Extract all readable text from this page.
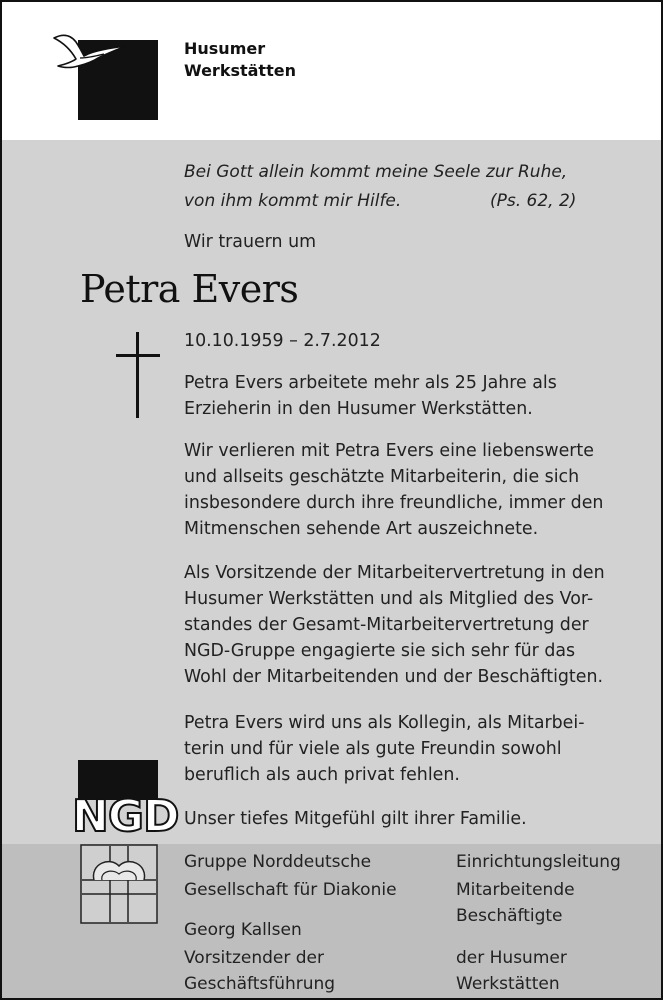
Husumer
Werkstätten
Bei Gott allein kommt meine Seele zur Ruhe,
von ihm kommt mir Hilfe.	(Ps. 62, 2)
Wir trauern um
Petra Evers
10.10.1959 – 2.7.2012
Petra Evers arbeitete mehr als 25 Jahre als
Erzieherin in den Husumer Werkstätten.
Wir verlieren mit Petra Evers eine liebenswerte
und allseits geschätzte Mitarbeiterin, die sich
insbesondere durch ihre freundliche, immer den
Mitmenschen sehende Art auszeichnete.
Als Vorsitzende der Mitarbeitervertretung in den
Husumer Werkstätten und als Mitglied des Vor-
standes der Gesamt-Mitarbeitervertretung der
NGD-Gruppe engagierte sie sich sehr für das
Wohl der Mitarbeitenden und der Beschäftigten.
Petra Evers wird uns als Kollegin, als Mitarbei-
terin und für viele als gute Freundin sowohl
beruflich als auch privat fehlen.
Unser tiefes Mitgefühl gilt ihrer Familie.
NGD
Gruppe Norddeutsche
Gesellschaft für Diakonie
Georg Kallsen
Vorsitzender der
Geschäftsführung
Einrichtungsleitung
Mitarbeitende
Beschäftigte
der Husumer
Werkstätten
